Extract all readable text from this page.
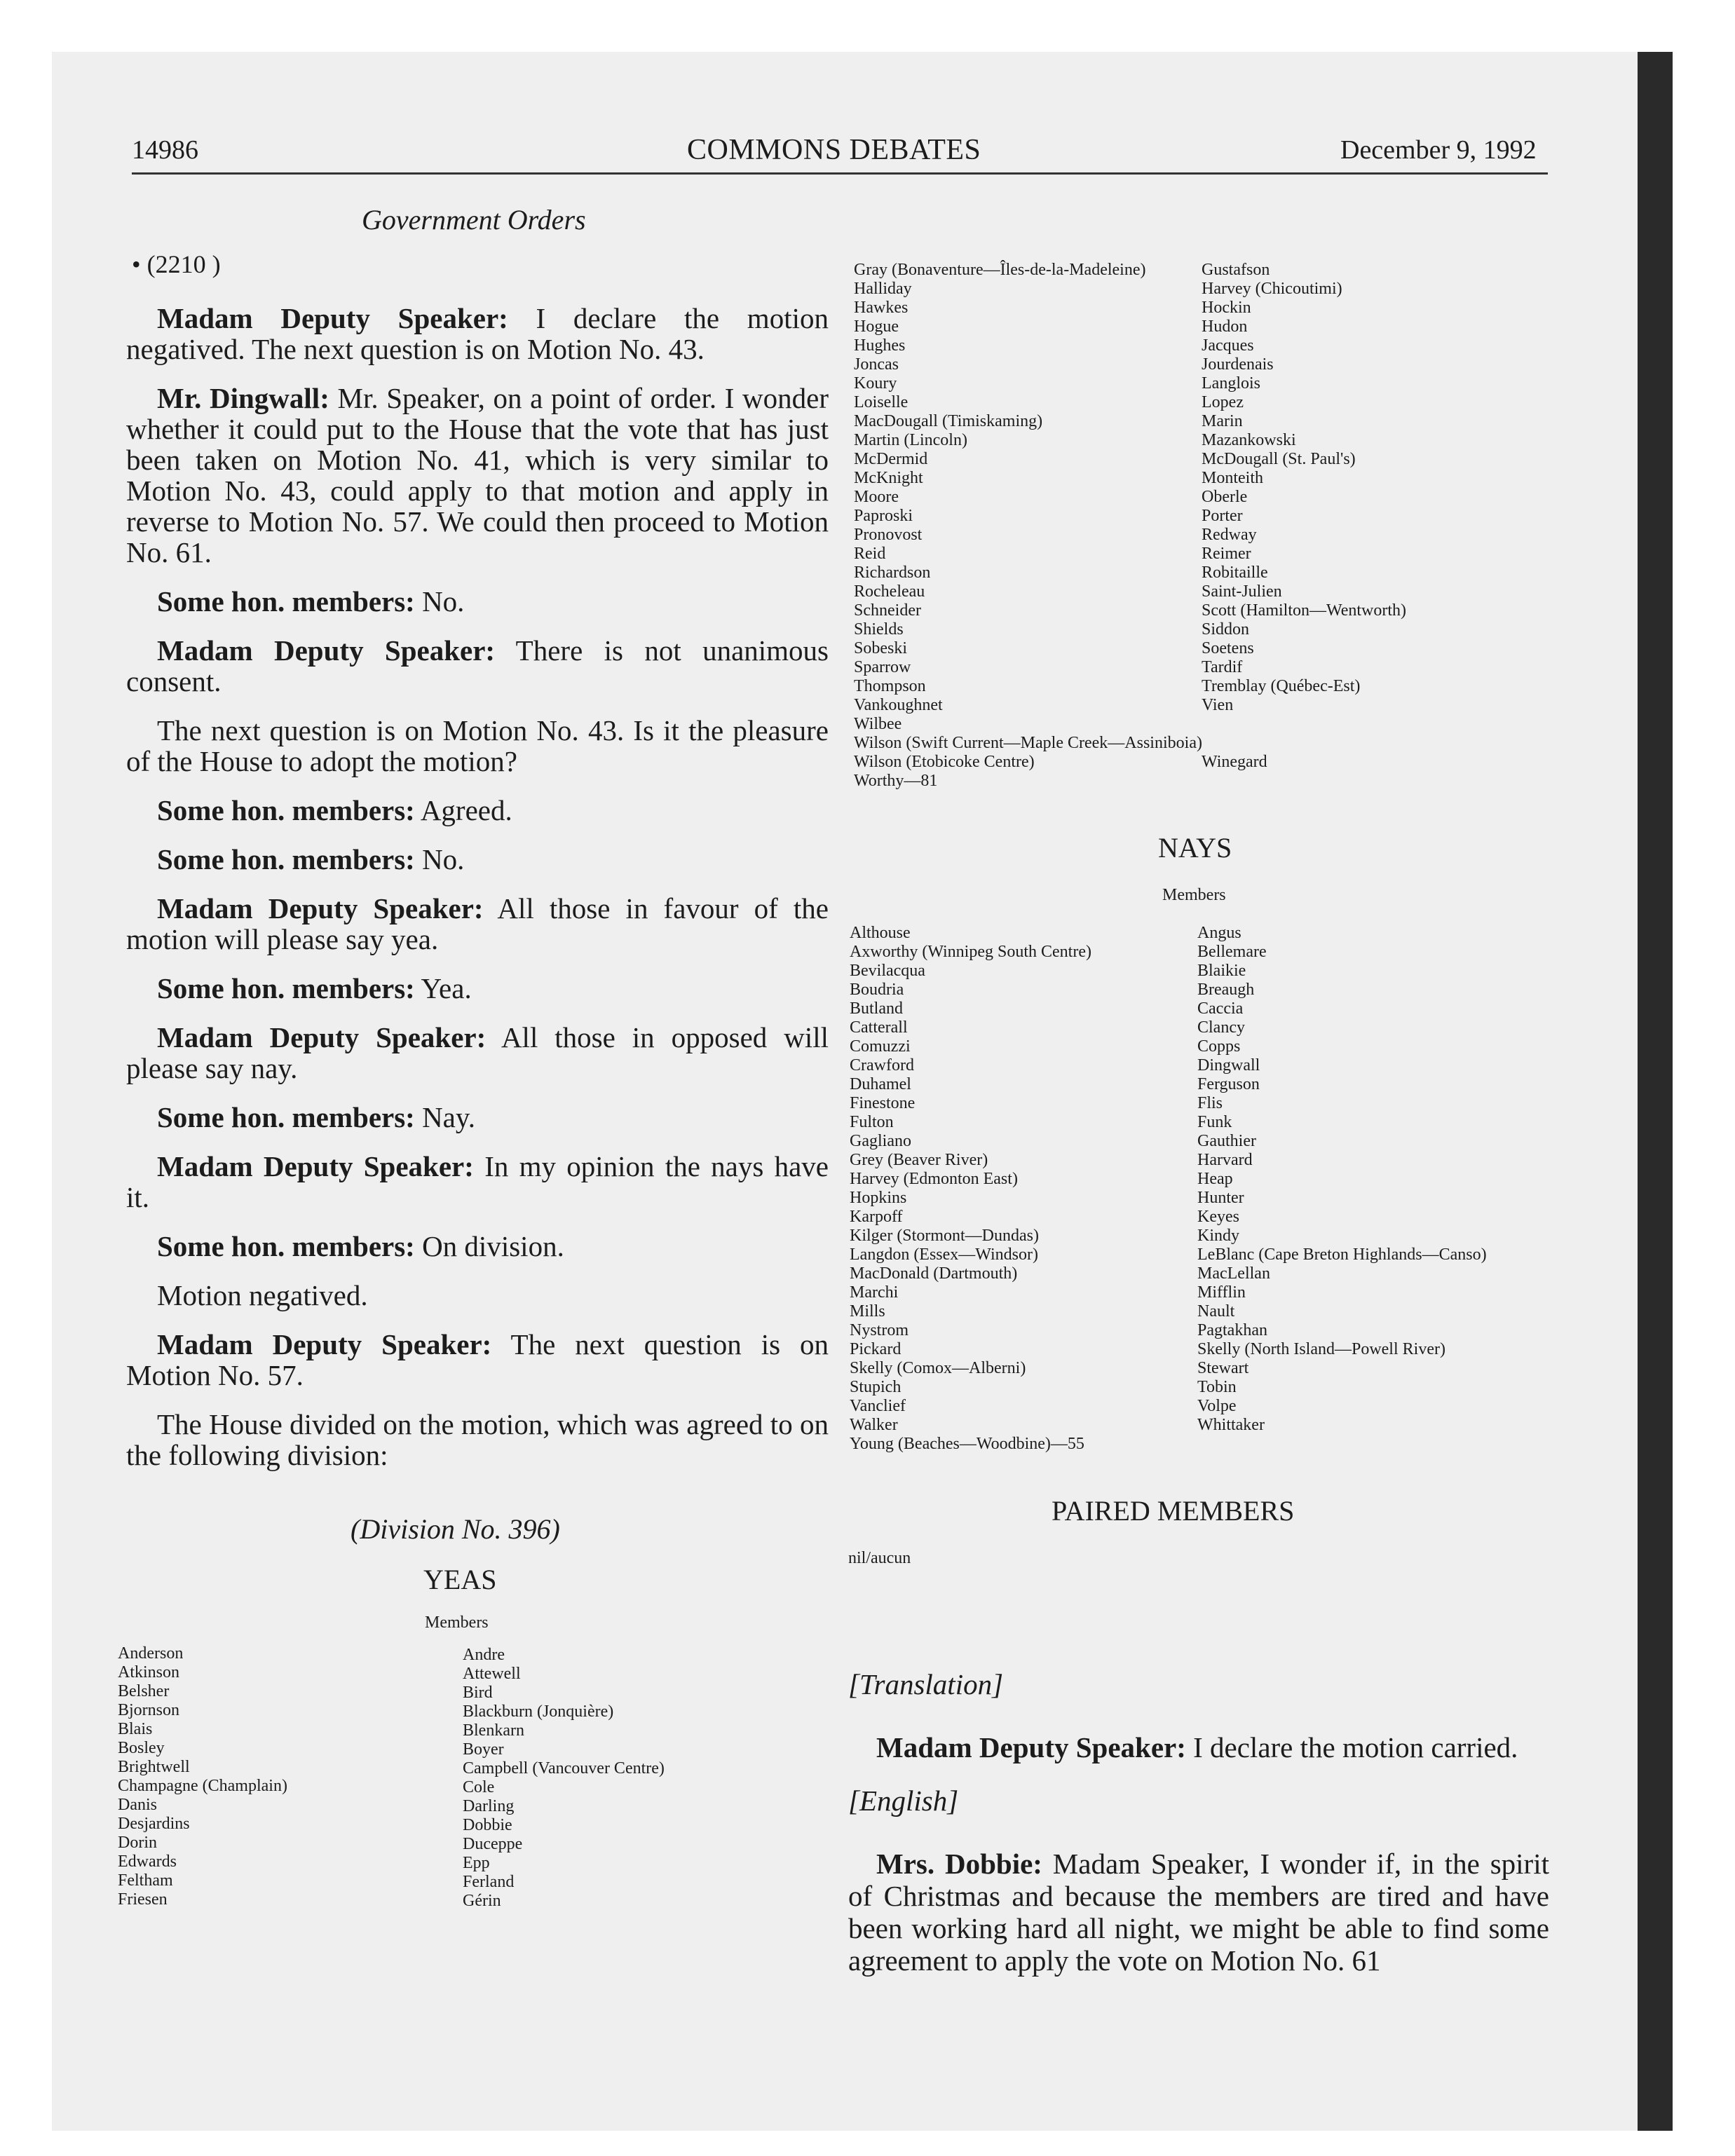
14986	COMMONS DEBATES	December 9, 1992
Government Orders
• (2210 )

Madam Deputy Speaker: I declare the motion negatived. The next question is on Motion No. 43.

Mr. Dingwall: Mr. Speaker, on a point of order. I wonder whether it could put to the House that the vote that has just been taken on Motion No. 41, which is very similar to Motion No. 43, could apply to that motion and apply in reverse to Motion No. 57. We could then proceed to Motion No. 61.

Some hon. members: No.

Madam Deputy Speaker: There is not unanimous consent.

The next question is on Motion No. 43. Is it the pleasure of the House to adopt the motion?

Some hon. members: Agreed.

Some hon. members: No.

Madam Deputy Speaker: All those in favour of the motion will please say yea.

Some hon. members: Yea.

Madam Deputy Speaker: All those in opposed will please say nay.

Some hon. members: Nay.

Madam Deputy Speaker: In my opinion the nays have it.

Some hon. members: On division.

Motion negatived.

Madam Deputy Speaker: The next question is on Motion No. 57.

The House divided on the motion, which was agreed to on the following division:

(Division No. 396)
YEAS
Members
Anderson
Atkinson
Belsher
Bjornson
Blais
Bosley
Brightwell
Champagne (Champlain)
Danis
Desjardins
Dorin
Edwards
Feltham
Friesen
Andre
Attewell
Bird
Blackburn (Jonquière)
Blenkarn
Boyer
Campbell (Vancouver Centre)
Cole
Darling
Dobbie
Duceppe
Epp
Ferland
Gérin
Gray (Bonaventure—Îles-de-la-Madeleine)
Halliday
Hawkes
Hogue
Hughes
Joncas
Koury
Loiselle
MacDougall (Timiskaming)
Martin (Lincoln)
McDermid
McKnight
Moore
Paproski
Pronovost
Reid
Richardson
Rocheleau
Schneider
Shields
Sobeski
Sparrow
Thompson
Vankoughnet
Wilbee
Wilson (Swift Current—Maple Creek—Assiniboia)
Wilson (Etobicoke Centre)
Worthy—81
Gustafson
Harvey (Chicoutimi)
Hockin
Hudon
Jacques
Jourdenais
Langlois
Lopez
Marin
Mazankowski
McDougall (St. Paul's)
Monteith
Oberle
Porter
Redway
Reimer
Robitaille
Saint-Julien
Scott (Hamilton—Wentworth)
Siddon
Soetens
Tardif
Tremblay (Québec-Est)
Vien

Winegard
NAYS
Members
Althouse
Axworthy (Winnipeg South Centre)
Bevilacqua
Boudria
Butland
Catterall
Comuzzi
Crawford
Duhamel
Finestone
Fulton
Gagliano
Grey (Beaver River)
Harvey (Edmonton East)
Hopkins
Karpoff
Kilger (Stormont—Dundas)
Langdon (Essex—Windsor)
MacDonald (Dartmouth)
Marchi
Mills
Nystrom
Pickard
Skelly (Comox—Alberni)
Stupich
Vanclief
Walker
Young (Beaches—Woodbine)—55
Angus
Bellemare
Blaikie
Breaugh
Caccia
Clancy
Copps
Dingwall
Ferguson
Flis
Funk
Gauthier
Harvard
Heap
Hunter
Keyes
Kindy
LeBlanc (Cape Breton Highlands—Canso)
MacLellan
Mifflin
Nault
Pagtakhan
Skelly (North Island—Powell River)
Stewart
Tobin
Volpe
Whittaker
PAIRED MEMBERS
nil/aucun

[Translation]

Madam Deputy Speaker: I declare the motion carried.

[English]

Mrs. Dobbie: Madam Speaker, I wonder if, in the spirit of Christmas and because the members are tired and have been working hard all night, we might be able to find some agreement to apply the vote on Motion No. 61
